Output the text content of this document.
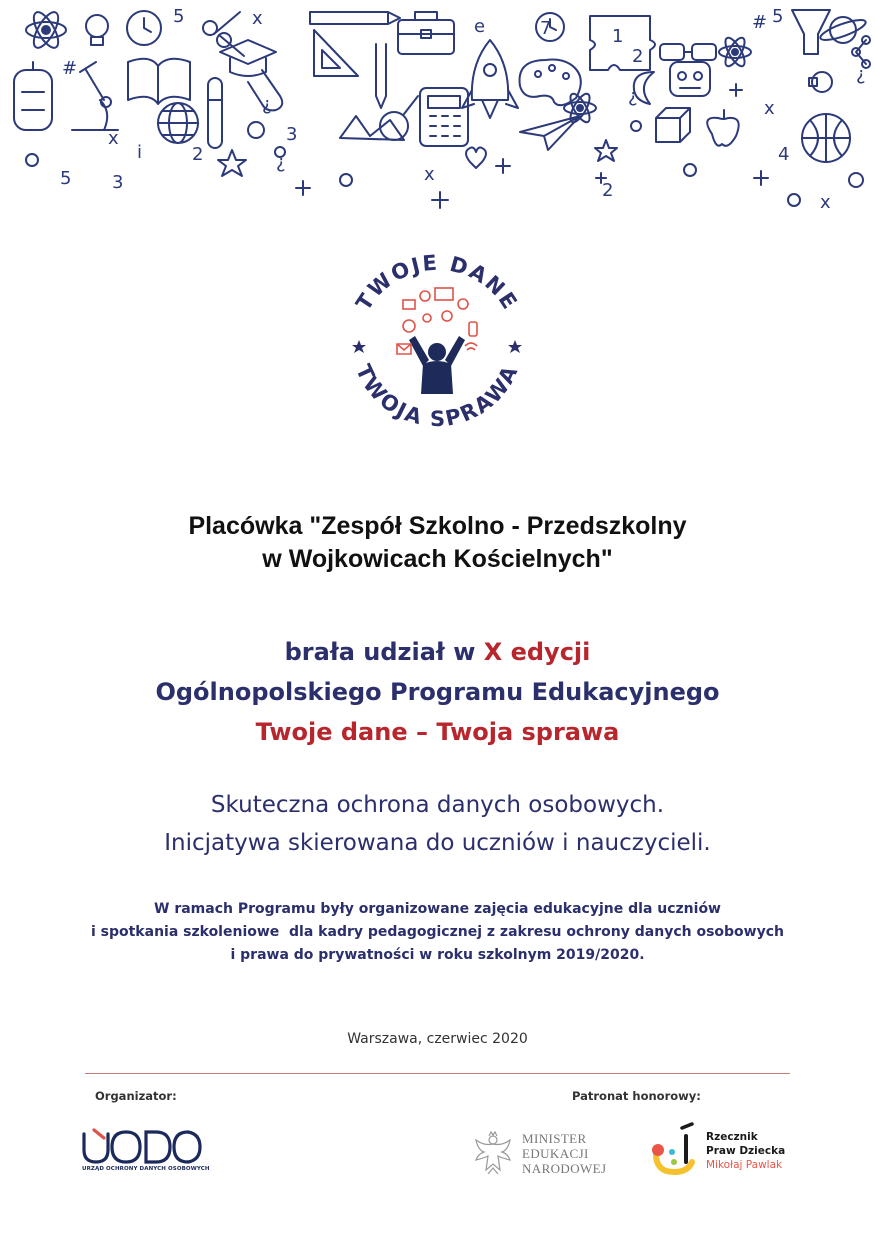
5	x
¿
#
i
x
x
5 3
2
3
¿
e
2
¿
# 5
x
4
x
¿
1
2
7
TWOJE DANE
TWOJA SPRAWA
Placówka "Zespół Szkolno - Przedszkolny
w Wojkowicach Kościelnych"
brała udział w X edycji
Ogólnopolskiego Programu Edukacyjnego
Twoje dane – Twoja sprawa
Skuteczna ochrona danych osobowych.
Inicjatywa skierowana do uczniów i nauczycieli.
W ramach Programu były organizowane zajęcia edukacyjne dla uczniów
i spotkania szkoleniowe  dla kadry pedagogicznej z zakresu ochrony danych osobowych
i prawa do prywatności w roku szkolnym 2019/2020.
Warszawa, czerwiec 2020
Organizator:	Patronat honorowy:
URZĄD OCHRONY DANYCH OSOBOWYCH
MINISTER
EDUKACJI
NARODOWEJ
Rzecznik
Praw Dziecka
Mikołaj Pawlak
